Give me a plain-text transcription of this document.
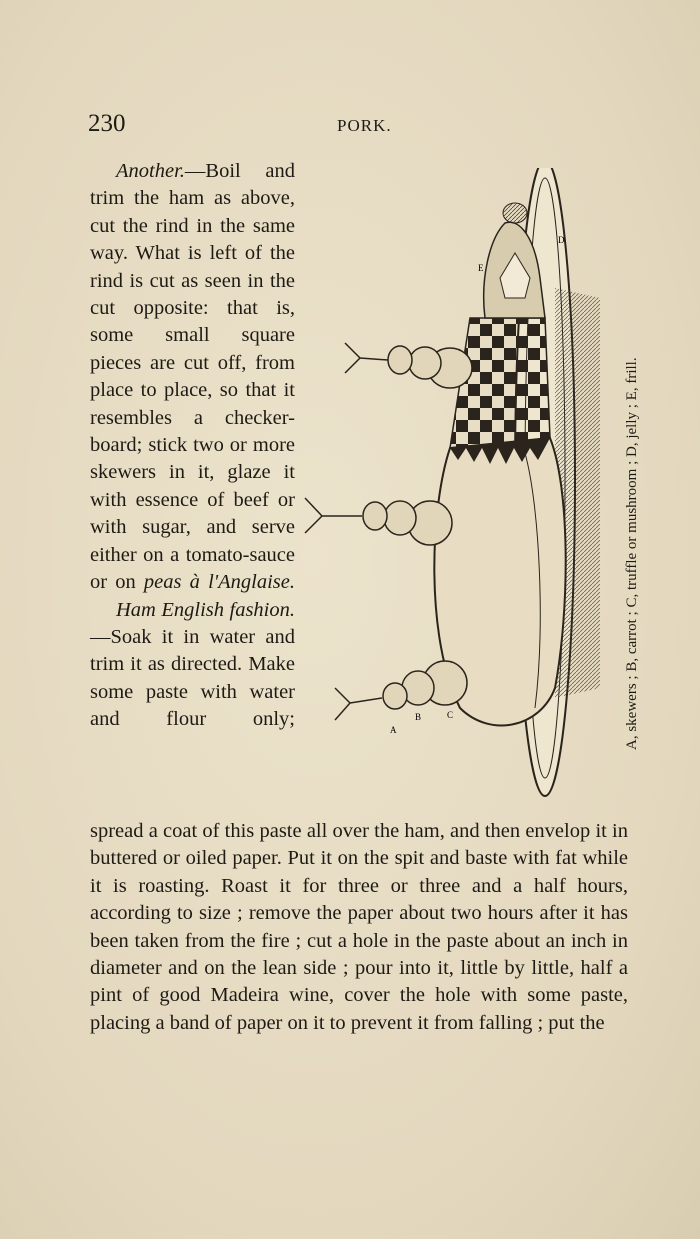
230	PORK.

Another.—Boil and trim the ham as above, cut the rind in the same way. What is left of the rind is cut as seen in the cut opposite: that is, some small square pieces are cut off, from place to place, so that it resembles a checker-board; stick two or more skewers in it, glaze it with essence of beef or with sugar, and serve either on a tomato-sauce or on peas à l'Anglaise.

Ham English fashion.—Soak it in water and trim it as directed. Make some paste with water and flour only;	A
B	C
D
E
A, skewers ; B, carrot ; C, truffle or mushroom ; D, jelly ; E, frill.

spread a coat of this paste all over the ham, and then envelop it in buttered or oiled paper. Put it on the spit and baste with fat while it is roasting. Roast it for three or three and a half hours, according to size ; remove the paper about two hours after it has been taken from the fire ; cut a hole in the paste about an inch in diameter and on the lean side ; pour into it, little by little, half a pint of good Madeira wine, cover the hole with some paste, placing a band of paper on it to prevent it from falling ; put the
